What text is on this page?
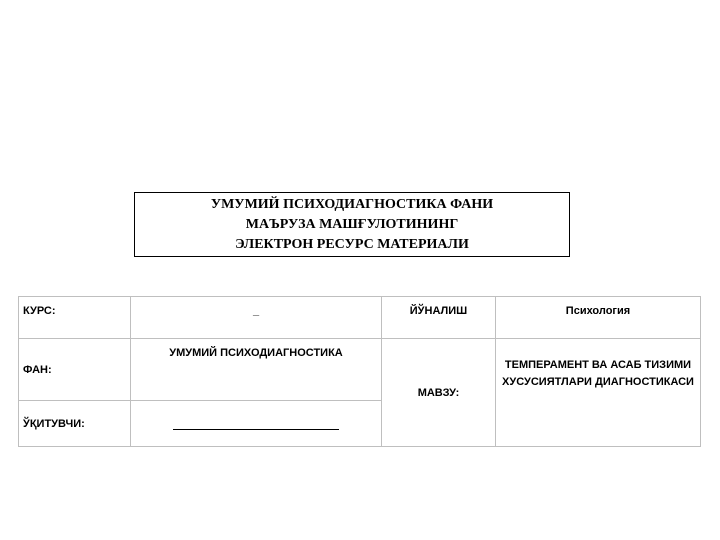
УМУМИЙ ПСИХОДИАГНОСТИКА ФАНИ
МАЪРУЗА МАШҒУЛОТИНИНГ
ЭЛЕКТРОН РЕСУРС МАТЕРИАЛИ
КУРС:	_	ЙЎНАЛИШ	Психология
ФАН:	УМУМИЙ ПСИХОДИАГНОСТИКА	МАВЗУ:	ТЕМПЕРАМЕНТ ВА АСАБ ТИЗИМИ
ХУСУСИЯТЛАРИ ДИАГНОСТИКАСИ

ЎҚИТУВЧИ:			
